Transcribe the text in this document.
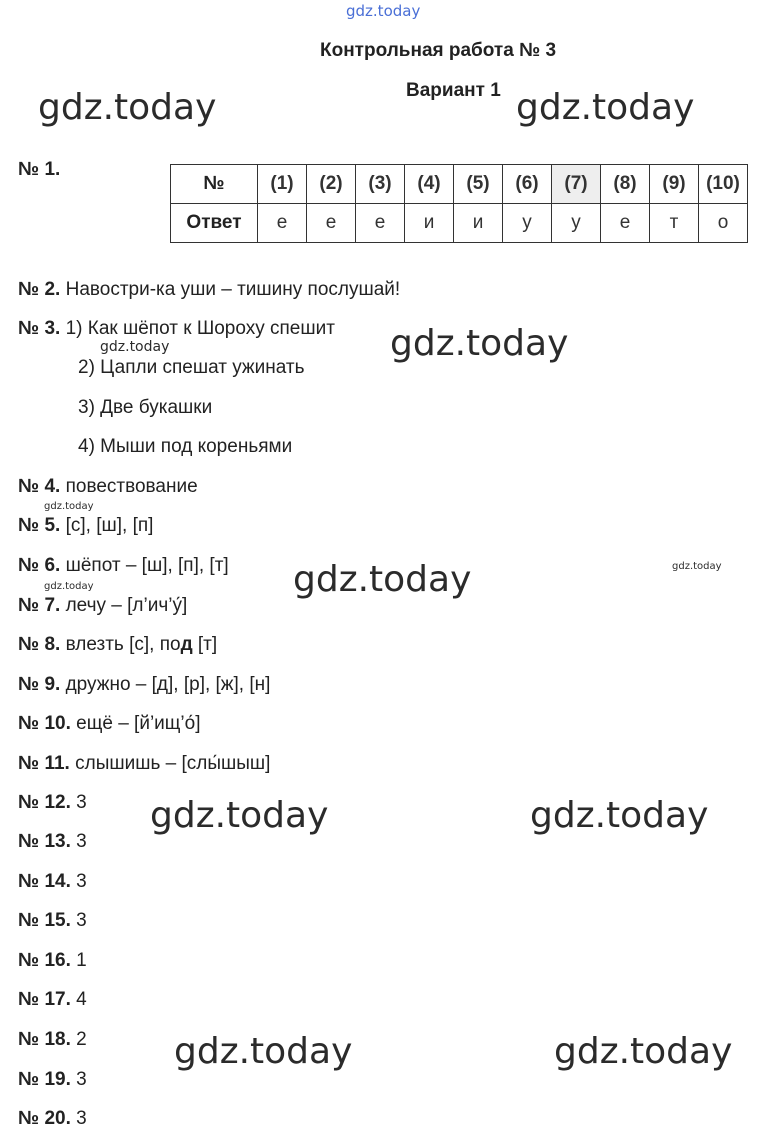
gdz.today
gdz.today	gdz.today
gdz.today	gdz.today
gdz.today
gdz.today	gdz.today
gdz.today
gdz.today	gdz.today
gdz.today	gdz.today
Контрольная работа № 3
Вариант 1
№ 1.
№	(1)	(2)	(3)	(4)	(5)	(6)	(7)	(8)	(9)	(10)
Ответ	е	е	е	и	и	у	у	е	т	о
№ 2. Навостри-ка уши – тишину послушай!
№ 3. 1) Как шёпот к Шороху спешит
2) Цапли спешат ужинать
3) Две букашки
4) Мыши под кореньями
№ 4. повествование
№ 5. [с], [ш], [п]
№ 6. шёпот – [ш], [п], [т]
№ 7. лечу – [л’ич’у́]
№ 8. влезть [с], под [т]
№ 9. дружно – [д], [р], [ж], [н]
№ 10. ещё – [й’ищ’о́]
№ 11. слышишь – [слы́шыш]
№ 12. 3
№ 13. 3
№ 14. 3
№ 15. 3
№ 16. 1
№ 17. 4
№ 18. 2
№ 19. 3
№ 20. 3
